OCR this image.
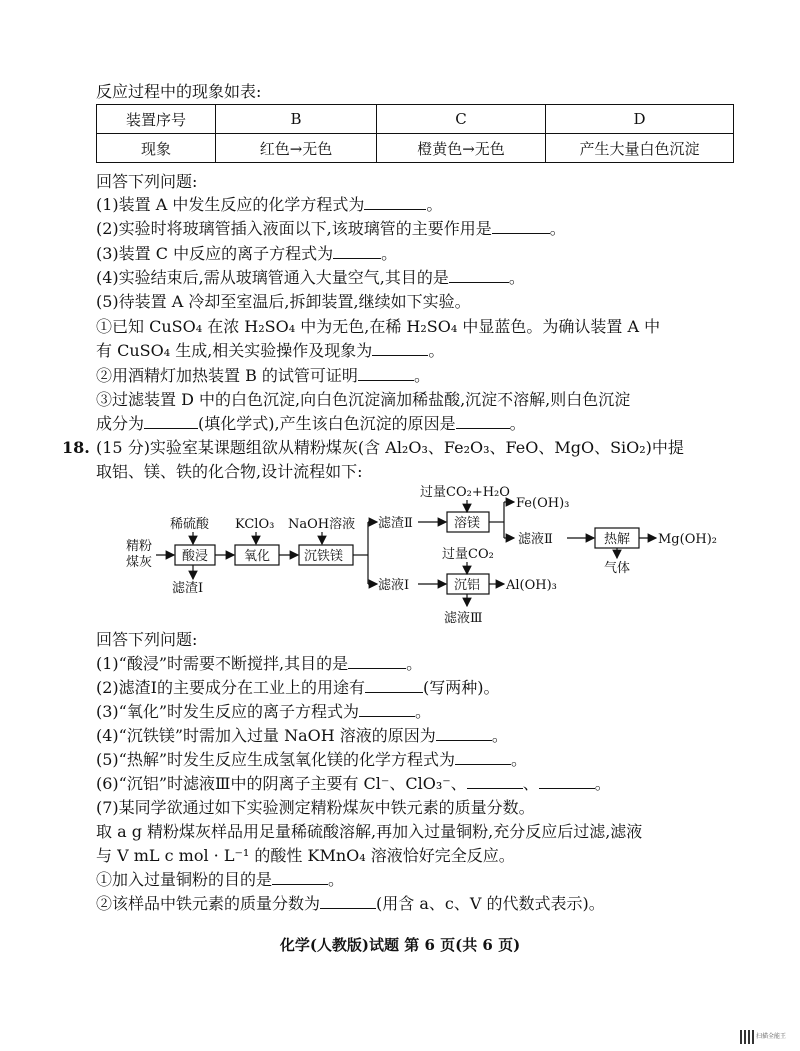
反应过程中的现象如表:
装置序号	B	C	D
现象	红色→无色	橙黄色→无色	产生大量白色沉淀
回答下列问题:
(1)装置 A 中发生反应的化学方程式为	。
(2)实验时将玻璃管插入液面以下,该玻璃管的主要作用是	。
(3)装置 C 中反应的离子方程式为	。
(4)实验结束后,需从玻璃管通入大量空气,其目的是	。
(5)待装置 A 冷却至室温后,拆卸装置,继续如下实验。
①已知 CuSO₄ 在浓 H₂SO₄ 中为无色,在稀 H₂SO₄ 中显蓝色。为确认装置 A 中
有 CuSO₄ 生成,相关实验操作及现象为	。
②用酒精灯加热装置 B 的试管可证明	。
③过滤装置 D 中的白色沉淀,向白色沉淀滴加稀盐酸,沉淀不溶解,则白色沉淀
成分为	(填化学式),产生该白色沉淀的原因是	。
18. (15 分)实验室某课题组欲从精粉煤灰(含 Al₂O₃、Fe₂O₃、FeO、MgO、SiO₂)中提
取铝、镁、铁的化合物,设计流程如下:
精粉
煤灰
稀硫酸 KClO₃ NaOH溶液
酸浸	氧化	沉铁镁
滤渣Ⅰ
滤渣Ⅱ
滤液Ⅰ
过量CO₂+H₂O
溶镁
Fe(OH)₃
滤液Ⅱ	热解 Mg(OH)₂
气体
过量CO₂
沉铝 Al(OH)₃
滤液Ⅲ
回答下列问题:
(1)“酸浸”时需要不断搅拌,其目的是	。
(2)滤渣Ⅰ的主要成分在工业上的用途有	(写两种)。
(3)“氧化”时发生反应的离子方程式为	。
(4)“沉铁镁”时需加入过量 NaOH 溶液的原因为	。
(5)“热解”时发生反应生成氢氧化镁的化学方程式为	。
(6)“沉铝”时滤液Ⅲ中的阴离子主要有 Cl⁻、ClO₃⁻、	、	。
(7)某同学欲通过如下实验测定精粉煤灰中铁元素的质量分数。
取 a g 精粉煤灰样品用足量稀硫酸溶解,再加入过量铜粉,充分反应后过滤,滤液
与 V mL c mol · L⁻¹ 的酸性 KMnO₄ 溶液恰好完全反应。
①加入过量铜粉的目的是	。
②该样品中铁元素的质量分数为	(用含 a、c、V 的代数式表示)。
化学(人教版)试题 第 6 页(共 6 页)
扫描全能王
